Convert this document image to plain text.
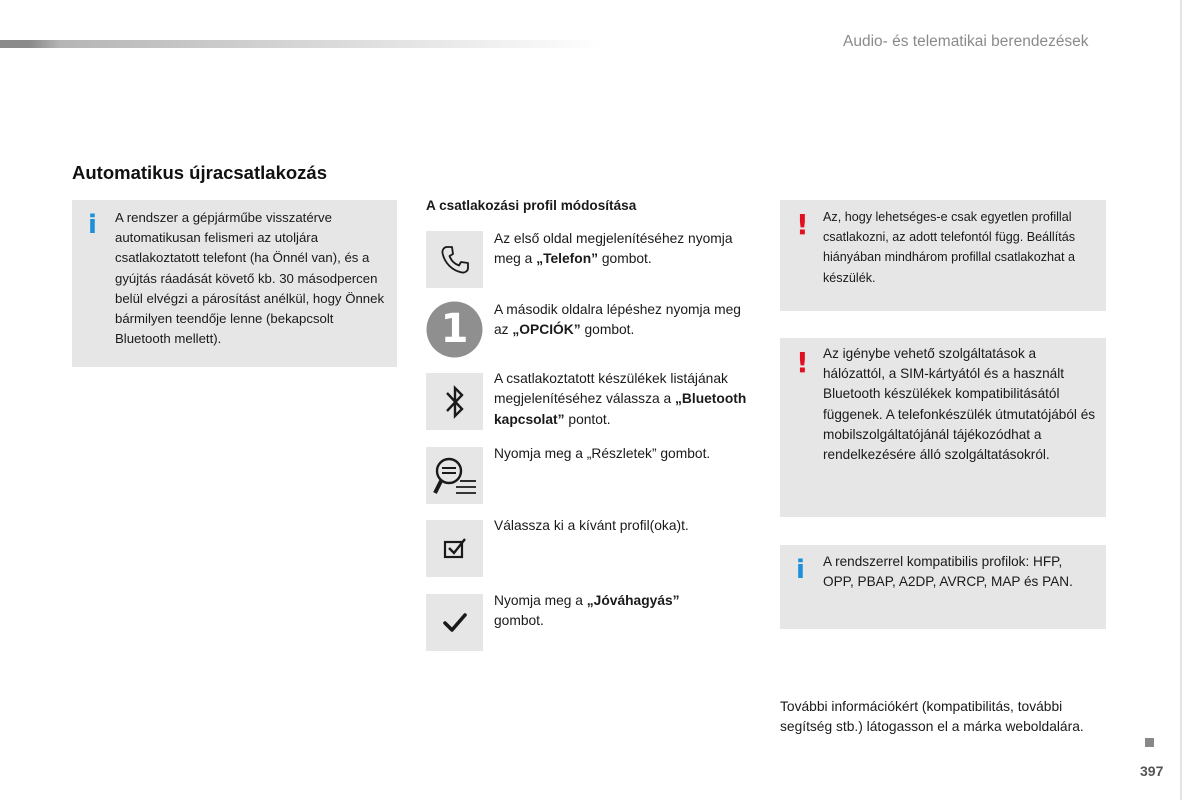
Audio- és telematikai berendezések
Automatikus újracsatlakozás
i A rendszer a gépjárműbe visszatérve automatikusan felismeri az utoljára csatlakoztatott telefont (ha Önnél van), és a gyújtás ráadását követő kb. 30 másodpercen belül elvégzi a párosítást anélkül, hogy Önnek bármilyen teendője lenne (bekapcsolt Bluetooth mellett).
A csatlakozási profil módosítása
Az első oldal megjelenítéséhez nyomja meg a „Telefon” gombot.
1	A második oldalra lépéshez nyomja meg az „OPCIÓK” gombot.
A csatlakoztatott készülékek listájának megjelenítéséhez válassza a „Bluetooth kapcsolat” pontot.
Nyomja meg a „Részletek” gombot.
Válassza ki a kívánt profil(oka)t.
Nyomja meg a „Jóváhagyás” gombot.
! Az, hogy lehetséges-e csak egyetlen profillal csatlakozni, az adott telefontól függ. Beállítás hiányában mindhárom profillal csatlakozhat a készülék.
! Az igénybe vehető szolgáltatások a hálózattól, a SIM-kártyától és a használt Bluetooth készülékek kompatibilitásától függenek. A telefonkészülék útmutatójából és mobilszolgáltatójánál tájékozódhat a rendelkezésére álló szolgáltatásokról.
i A rendszerrel kompatibilis profilok: HFP, OPP, PBAP, A2DP, AVRCP, MAP és PAN.
További információkért (kompatibilitás, további segítség stb.) látogasson el a márka weboldalára.
397
